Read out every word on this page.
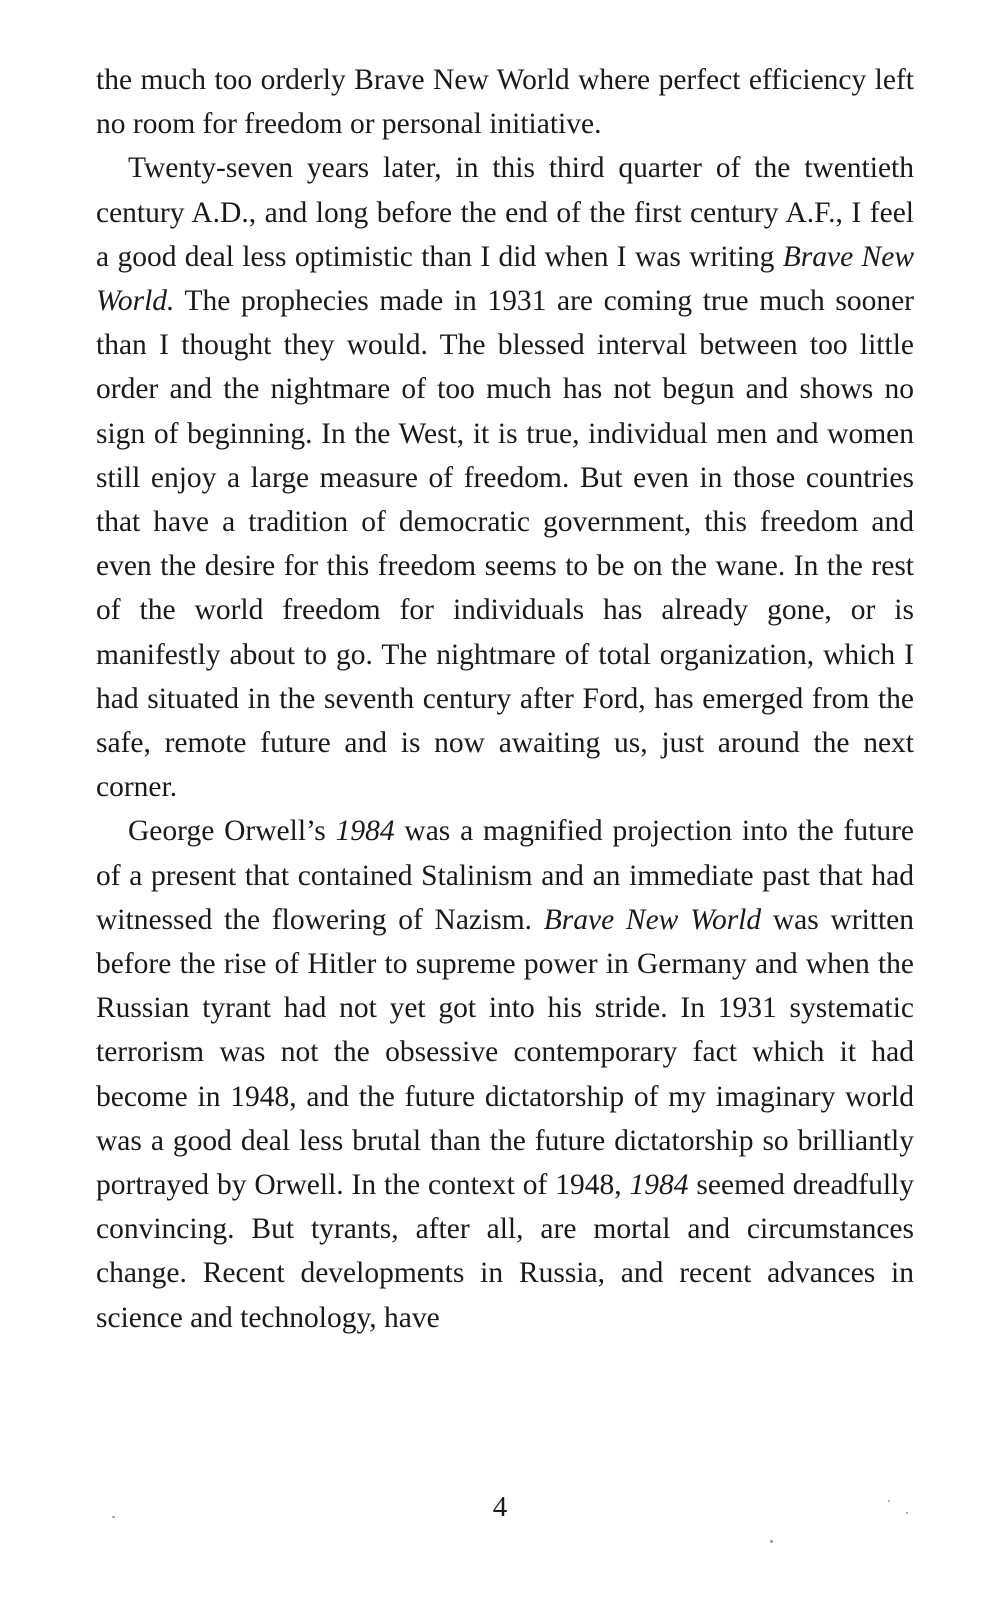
the much too orderly Brave New World where perfect efficiency left no room for freedom or personal initiative.

Twenty-seven years later, in this third quarter of the twentieth century A.D., and long before the end of the first century A.F., I feel a good deal less optimistic than I did when I was writing Brave New World. The prophecies made in 1931 are coming true much sooner than I thought they would. The blessed interval between too little order and the nightmare of too much has not begun and shows no sign of beginning. In the West, it is true, individual men and women still enjoy a large measure of freedom. But even in those countries that have a tradition of democratic government, this freedom and even the desire for this freedom seems to be on the wane. In the rest of the world freedom for individuals has already gone, or is manifestly about to go. The nightmare of total organization, which I had situated in the seventh century after Ford, has emerged from the safe, remote future and is now awaiting us, just around the next corner.

George Orwell’s 1984 was a magnified projection into the future of a present that contained Stalinism and an immediate past that had witnessed the flowering of Nazism. Brave New World was written before the rise of Hitler to supreme power in Germany and when the Russian tyrant had not yet got into his stride. In 1931 systematic terrorism was not the obsessive contemporary fact which it had become in 1948, and the future dictatorship of my imaginary world was a good deal less brutal than the future dictatorship so brilliantly portrayed by Orwell. In the context of 1948, 1984 seemed dreadfully convincing. But tyrants, after all, are mortal and circumstances change. Recent developments in Russia, and recent advances in science and technology, have

4
